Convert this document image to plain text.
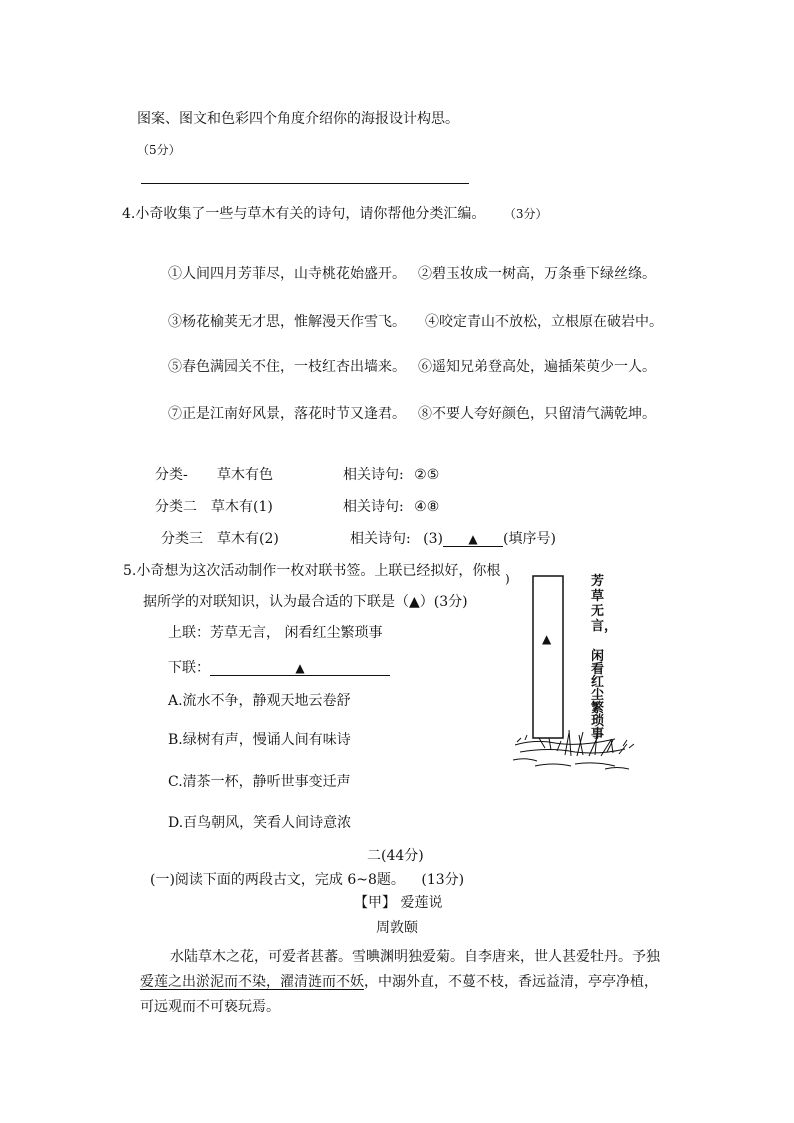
图案、图文和色彩四个角度介绍你的海报设计构思。
（5分）
4.小奇收集了一些与草木有关的诗句，请你帮他分类汇编。 （3分）
①人间四月芳菲尽，山寺桃花始盛开。 ②碧玉妆成一树高，万条垂下绿丝绦。
③杨花榆荚无才思，惟解漫天作雪飞。 ④咬定青山不放松，立根原在破岩中。
⑤春色满园关不住，一枝红杏出墙来。 ⑥遥知兄弟登高处，遍插茱萸少一人。
⑦正是江南好风景，落花时节又逢君。 ⑧不要人夸好颜色，只留清气满乾坤。
分类- 草木有色	相关诗句: ②⑤
分类二 草木有(1)	相关诗句: ④⑧
分类三 草木有(2)	相关诗句: (3) ▲ (填序号)
5.小奇想为这次活动制作一枚对联书签。上联已经拟好，你根
据所学的对联知识，认为最合适的下联是（▲）(3分)
上联：芳草无言， 闲看红尘繁琐事
下联：	▲
A.流水不争，静观天地云卷舒
B.绿树有声，慢诵人间有味诗
C.清茶一杯，静听世事变迁声
D.百鸟朝风，笑看人间诗意浓
▲
)	芳草无言，
闲看红尘繁琐事
二(44分)
(一)阅读下面的两段古文，完成 6~8题。 (13分)
【甲】 爱莲说
周敦颐
水陆草木之花，可爱者甚蕃。雪晪渊明独爱菊。自李唐来，世人甚爱牡丹。予独
爱莲之出淤泥而不染，濯清涟而不妖，中溺外直，不蔓不枝，香远益清，亭亭净植，
可远观而不可亵玩焉。
